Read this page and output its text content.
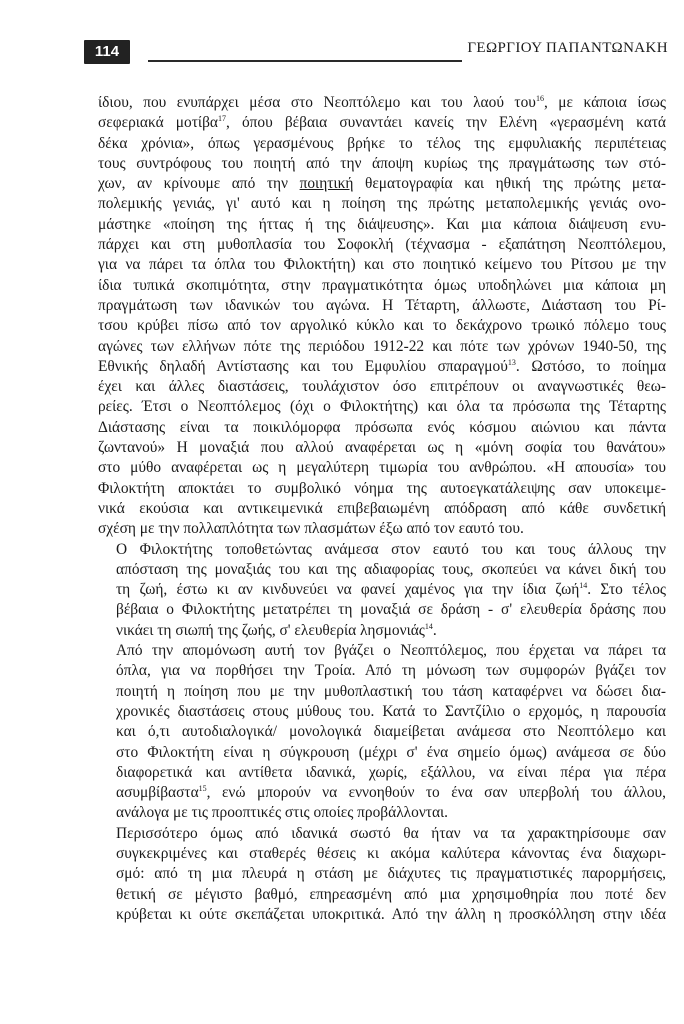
114	ΓΕΩΡΓΙΟΥ ΠΑΠΑΝΤΩΝΑΚΗ
ίδιου, που ενυπάρχει μέσα στο Νεοπτόλεμο και του λαού του$^{16}$, με κάποια ίσως
σεφεριακά μοτίβα$^{17}$, όπου βέβαια συναντάει κανείς την Ελένη «γερασμένη κατά
δέκα χρόνια», όπως γερασμένους βρήκε το τέλος της εμφυλιακής περιπέτειας
τους συντρόφους του ποιητή από την άποψη κυρίως της πραγμάτωσης των στό-
χων, αν κρίνουμε από την ποιητική θεματογραφία και ηθική της πρώτης μετα-
πολεμικής γενιάς, γι' αυτό και η ποίηση της πρώτης μεταπολεμικής γενιάς ονο-
μάστηκε «ποίηση της ήττας ή της διάψευσης». Και μια κάποια διάψευση ενυ-
πάρχει και στη μυθοπλασία του Σοφοκλή (τέχνασμα - εξαπάτηση Νεοπτόλεμου,
για να πάρει τα όπλα του Φιλοκτήτη) και στο ποιητικό κείμενο του Ρίτσου με την
ίδια τυπικά σκοπιμότητα, στην πραγματικότητα όμως υποδηλώνει μια κάποια μη
πραγμάτωση των ιδανικών του αγώνα. Η Τέταρτη, άλλωστε, Διάσταση του Ρί-
τσου κρύβει πίσω από τον αργολικό κύκλο και το δεκάχρονο τρωικό πόλεμο τους
αγώνες των ελλήνων πότε της περιόδου 1912-22 και πότε των χρόνων 1940-50, της
Εθνικής δηλαδή Αντίστασης και του Εμφυλίου σπαραγμού$^{13}$. Ωστόσο, το ποίημα
έχει και άλλες διαστάσεις, τουλάχιστον όσο επιτρέπουν οι αναγνωστικές θεω-
ρείες. Έτσι ο Νεοπτόλεμος (όχι ο Φιλοκτήτης) και όλα τα πρόσωπα της Τέταρτης
Διάστασης είναι τα ποικιλόμορφα πρόσωπα ενός κόσμου αιώνιου και πάντα
ζωντανού» Η μοναξιά που αλλού αναφέρεται ως η «μόνη σοφία του θανάτου»
στο μύθο αναφέρεται ως η μεγαλύτερη τιμωρία του ανθρώπου. «Η απουσία» του
Φιλοκτήτη αποκτάει το συμβολικό νόημα της αυτοεγκατάλειψης σαν υποκειμε-
νικά εκούσια και αντικειμενικά επιβεβαιωμένη απόδραση από κάθε συνδετική
σχέση με την πολλαπλότητα των πλασμάτων έξω από τον εαυτό του.
Ο Φιλοκτήτης τοποθετώντας ανάμεσα στον εαυτό του και τους άλλους την
απόσταση της μοναξιάς του και της αδιαφορίας τους, σκοπεύει να κάνει δική του
τη ζωή, έστω κι αν κινδυνεύει να φανεί χαμένος για την ίδια ζωή$^{14}$. Στο τέλος
βέβαια ο Φιλοκτήτης μετατρέπει τη μοναξιά σε δράση - σ' ελευθερία δράσης που
νικάει τη σιωπή της ζωής, σ' ελευθερία λησμονιάς$^{14}$.
Από την απομόνωση αυτή τον βγάζει ο Νεοπτόλεμος, που έρχεται να πάρει τα
όπλα, για να πορθήσει την Τροία. Από τη μόνωση των συμφορών βγάζει τον
ποιητή η ποίηση που με την μυθοπλαστική του τάση καταφέρνει να δώσει δια-
χρονικές διαστάσεις στους μύθους του. Κατά το Σαντζίλιο ο ερχομός, η παρουσία
και ό,τι αυτοδιαλογικά/ μονολογικά διαμείβεται ανάμεσα στο Νεοπτόλεμο και
στο Φιλοκτήτη είναι η σύγκρουση (μέχρι σ' ένα σημείο όμως) ανάμεσα σε δύο
διαφορετικά και αντίθετα ιδανικά, χωρίς, εξάλλου, να είναι πέρα για πέρα
ασυμβίβαστα$^{15}$, ενώ μπορούν να εννοηθούν το ένα σαν υπερβολή του άλλου,
ανάλογα με τις προοπτικές στις οποίες προβάλλονται.
Περισσότερο όμως από ιδανικά σωστό θα ήταν να τα χαρακτηρίσουμε σαν
συγκεκριμένες και σταθερές θέσεις κι ακόμα καλύτερα κάνοντας ένα διαχωρι-
σμό: από τη μια πλευρά η στάση με διάχυτες τις πραγματιστικές παρορμήσεις,
θετική σε μέγιστο βαθμό, επηρεασμένη από μια χρησιμοθηρία που ποτέ δεν
κρύβεται κι ούτε σκεπάζεται υποκριτικά. Από την άλλη η προσκόλληση στην ιδέα
